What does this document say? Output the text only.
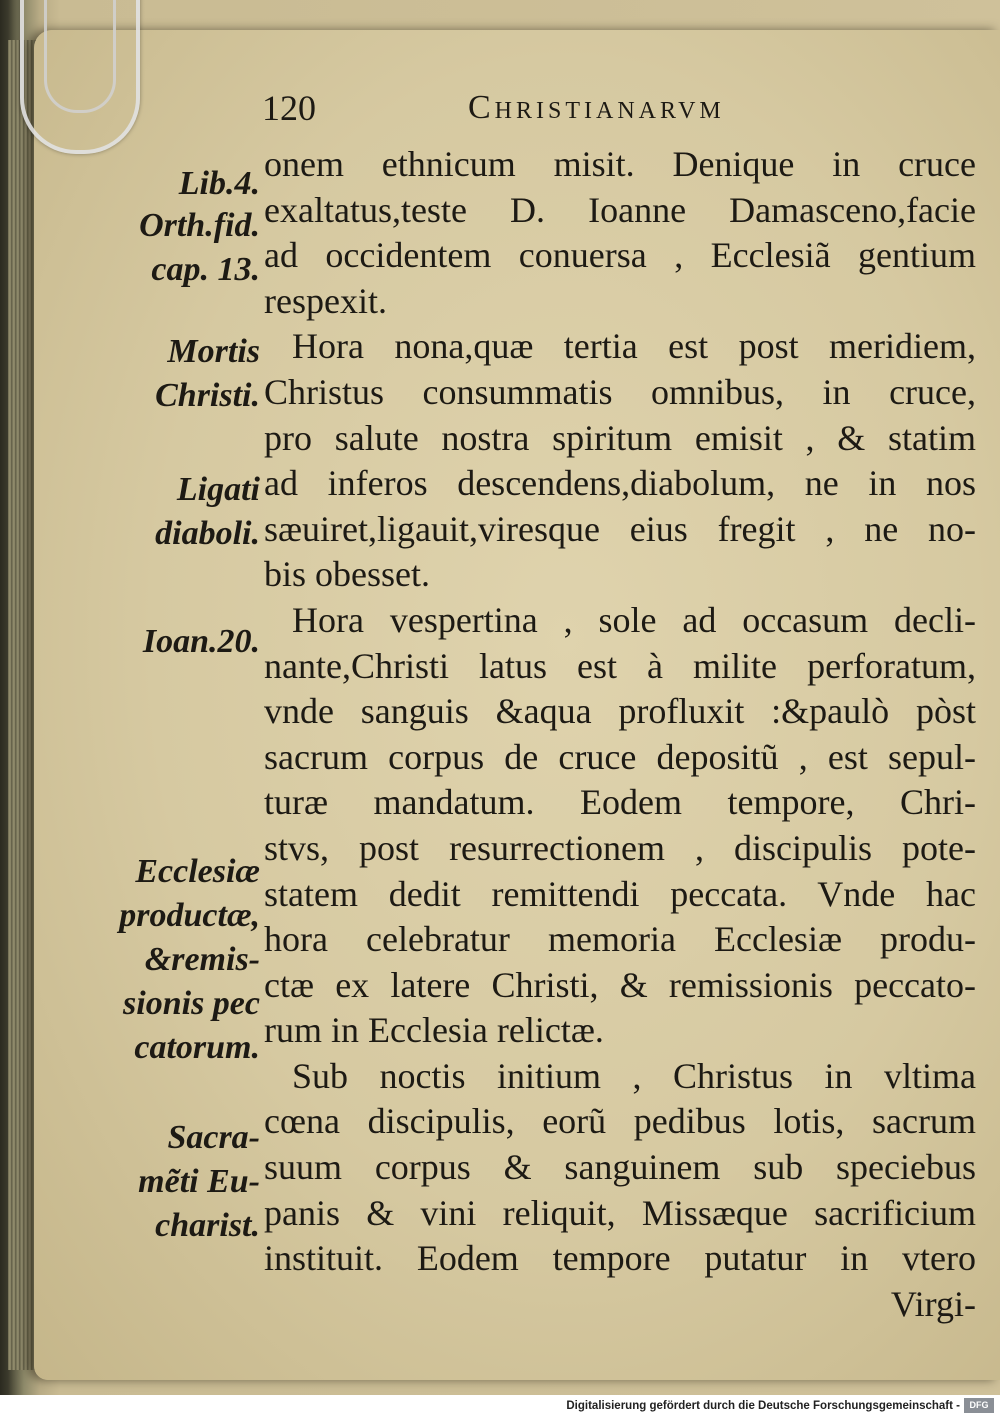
120	Christianarvm
Lib.4.
Orth.fid.
cap. 13.
Mortis
Christi.
Ligati
diaboli.
Ioan.20.
Ecclesiæ
productæ,
&remis-
sionis pec
catorum.
Sacra-
mẽti Eu-
charist.
onem ethnicum misit. Denique in cruce
exaltatus,teste D. Ioanne Damasceno,facie
ad occidentem conuersa , Ecclesiã gentium
respexit.
Hora nona,quæ tertia est post meridiem,
Christus consummatis omnibus, in cruce,
pro salute nostra spiritum emisit , & statim
ad inferos descendens,diabolum, ne in nos
sæuiret,ligauit,viresque eius fregit , ne no-
bis obesset.
Hora vespertina , sole ad occasum decli-
nante,Christi latus est à milite perforatum,
vnde sanguis &aqua profluxit :&paulò pòst
sacrum corpus de cruce depositũ , est sepul-
turæ mandatum. Eodem tempore, Chri-
stvs, post resurrectionem , discipulis pote-
statem dedit remittendi peccata. Vnde hac
hora celebratur memoria Ecclesiæ produ-
ctæ ex latere Christi, & remissionis peccato-
rum in Ecclesia relictæ.
Sub noctis initium , Christus in vltima
cœna discipulis, eorũ pedibus lotis, sacrum
suum corpus & sanguinem sub speciebus
panis & vini reliquit, Missæque sacrificium
instituit. Eodem tempore putatur in vtero
Virgi-
Digitalisierung gefördert durch die Deutsche Forschungsgemeinschaft -	DFG
